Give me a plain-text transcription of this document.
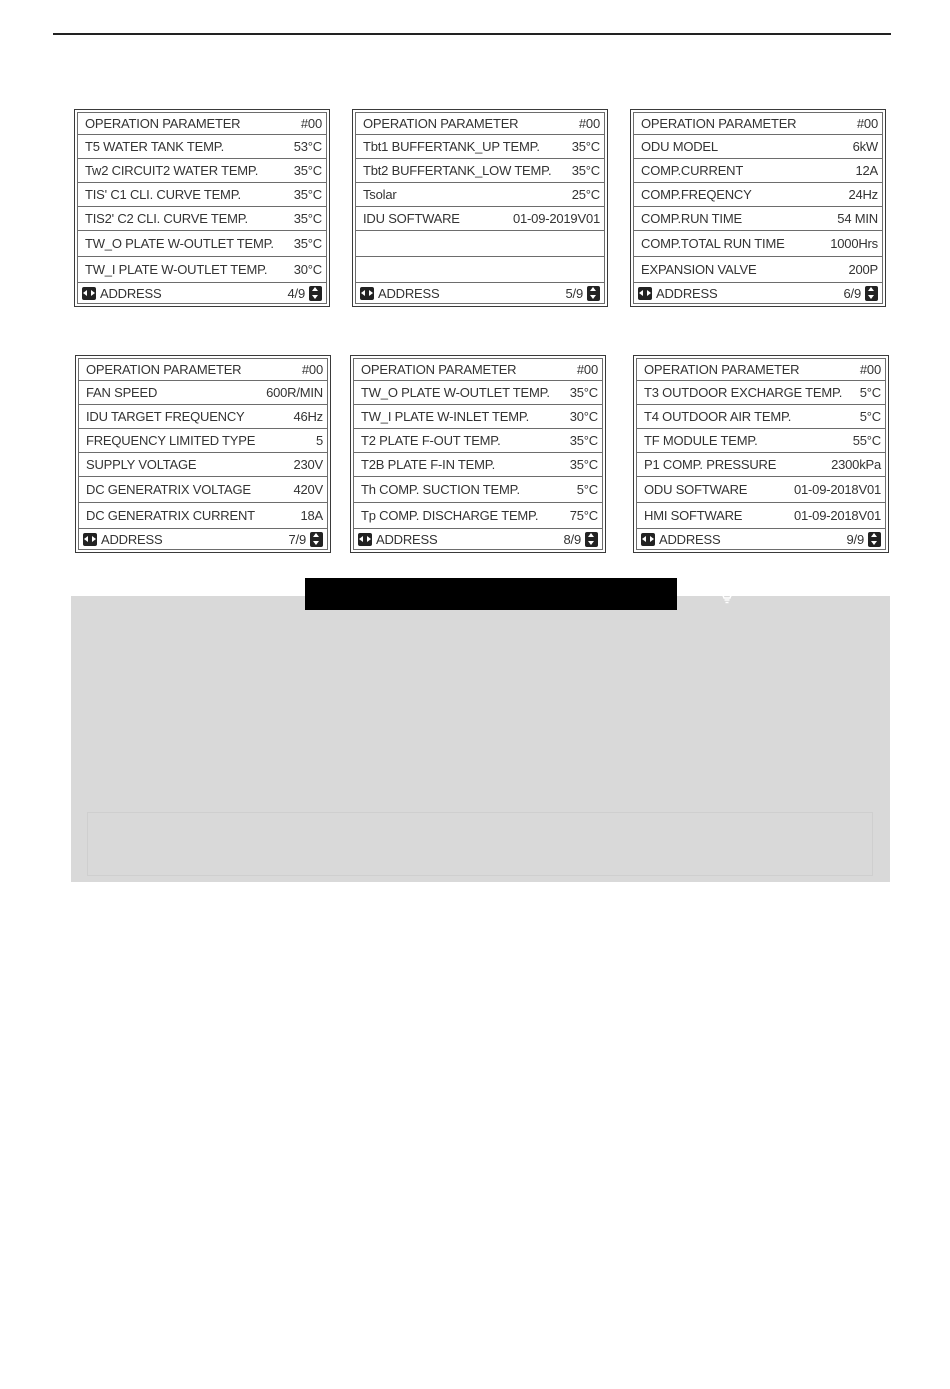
OPERATION PARAMETER	#00
T5 WATER TANK TEMP.	53°C
Tw2 CIRCUIT2 WATER TEMP.	35°C
TIS' C1 CLI. CURVE TEMP.	35°C
TIS2' C2 CLI. CURVE TEMP.	35°C
TW_O PLATE W-OUTLET TEMP. 35°C
TW_I PLATE W-OUTLET TEMP. 30°C
ADDRESS	4/9
OPERATION PARAMETER	#00
Tbt1 BUFFERTANK_UP TEMP. 35°C
Tbt2 BUFFERTANK_LOW TEMP. 35°C
Tsolar	25°C
IDU SOFTWARE	01-09-2019V01
ADDRESS	5/9
OPERATION PARAMETER	#00
ODU MODEL	6kW
COMP.CURRENT	12A
COMP.FREQENCY	24Hz
COMP.RUN TIME	54 MIN
COMP.TOTAL RUN TIME	1000Hrs
EXPANSION VALVE	200P
ADDRESS	6/9
OPERATION PARAMETER	#00
FAN SPEED	600R/MIN
IDU TARGET FREQUENCY	46Hz
FREQUENCY LIMITED TYPE	5
SUPPLY VOLTAGE	230V
DC GENERATRIX VOLTAGE	420V
DC GENERATRIX CURRENT	18A
ADDRESS	7/9
OPERATION PARAMETER	#00
TW_O PLATE W-OUTLET TEMP. 35°C
TW_I PLATE W-INLET TEMP.	30°C
T2 PLATE F-OUT TEMP.	35°C
T2B PLATE F-IN TEMP.	35°C
Th COMP. SUCTION TEMP.	5°C
Tp COMP. DISCHARGE TEMP. 75°C
ADDRESS	8/9
OPERATION PARAMETER	#00
T3 OUTDOOR EXCHARGE TEMP. 5°C
T4 OUTDOOR AIR TEMP.	5°C
TF MODULE TEMP.	55°C
P1 COMP. PRESSURE	2300kPa
ODU SOFTWARE	01-09-2018V01
HMI SOFTWARE	01-09-2018V01
ADDRESS	9/9
